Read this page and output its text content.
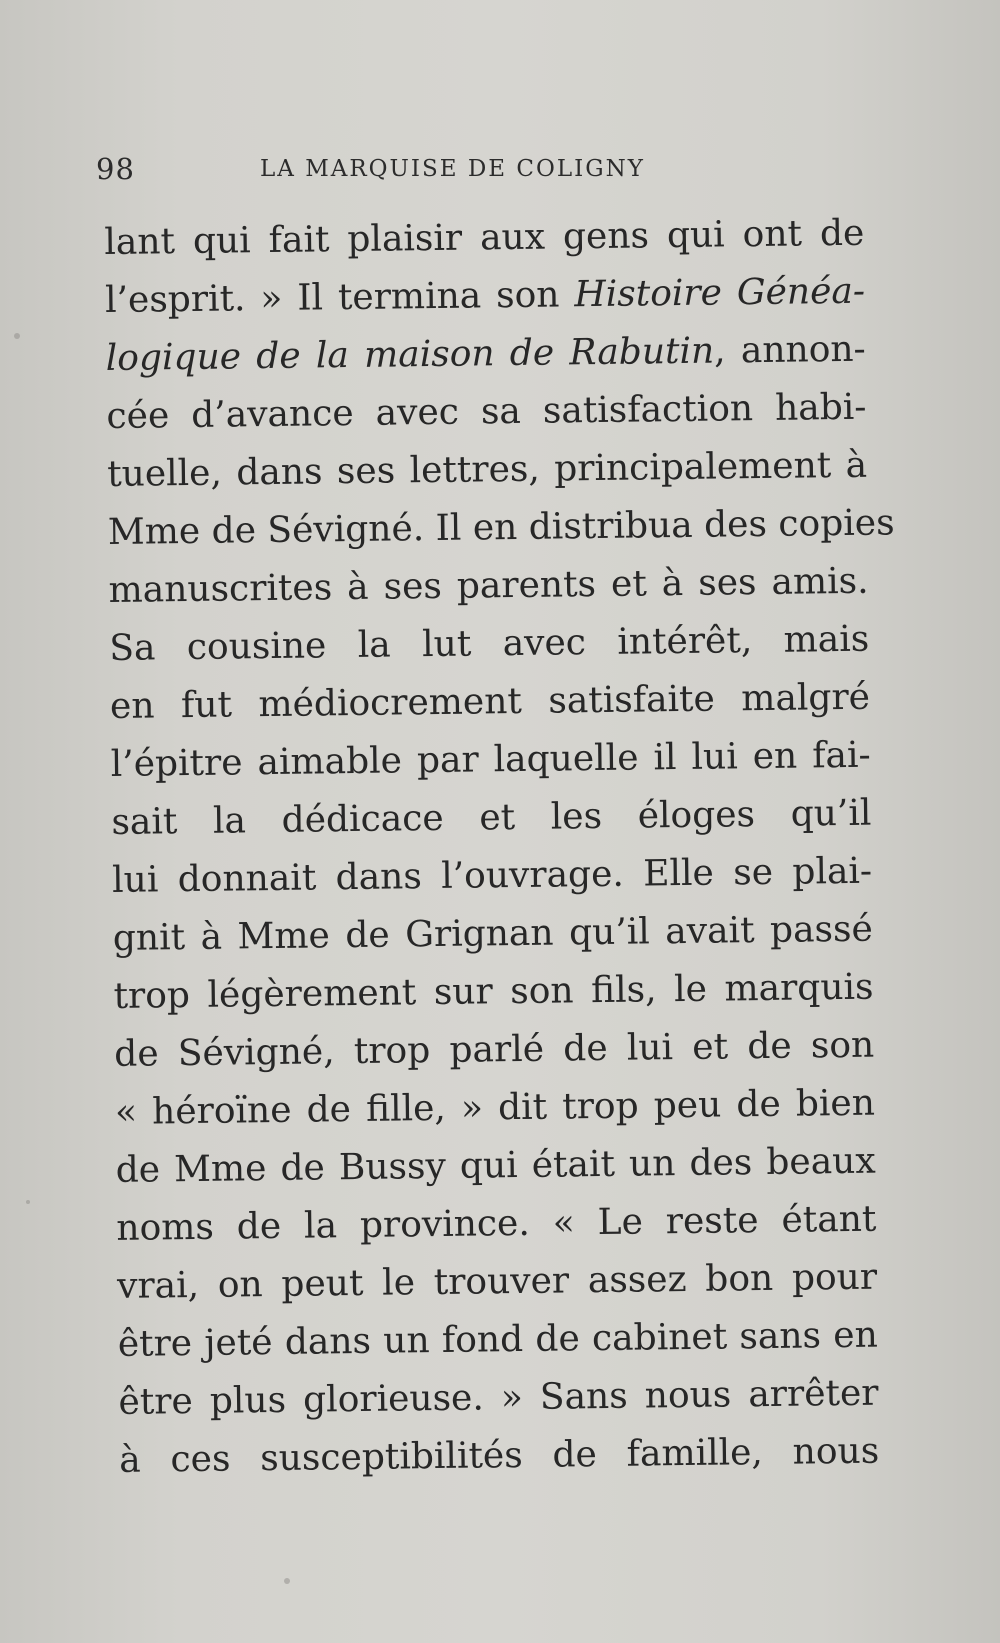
98	LA MARQUISE DE COLIGNY
lant qui fait plaisir aux gens qui ont de
l’esprit. » Il termina son Histoire Généa-
logique de la maison de Rabutin, annon-
cée d’avance avec sa satisfaction habi-
tuelle, dans ses lettres, principalement à
Mme de Sévigné. Il en distribua des copies
manuscrites à ses parents et à ses amis.
Sa cousine la lut avec intérêt, mais
en fut médiocrement satisfaite malgré
l’épitre aimable par laquelle il lui en fai-
sait la dédicace et les éloges qu’il
lui donnait dans l’ouvrage. Elle se plai-
gnit à Mme de Grignan qu’il avait passé
trop légèrement sur son fils, le marquis
de Sévigné, trop parlé de lui et de son
« héroïne de fille, » dit trop peu de bien
de Mme de Bussy qui était un des beaux
noms de la province. « Le reste étant
vrai, on peut le trouver assez bon pour
être jeté dans un fond de cabinet sans en
être plus glorieuse. » Sans nous arrêter
à ces susceptibilités de famille, nous
